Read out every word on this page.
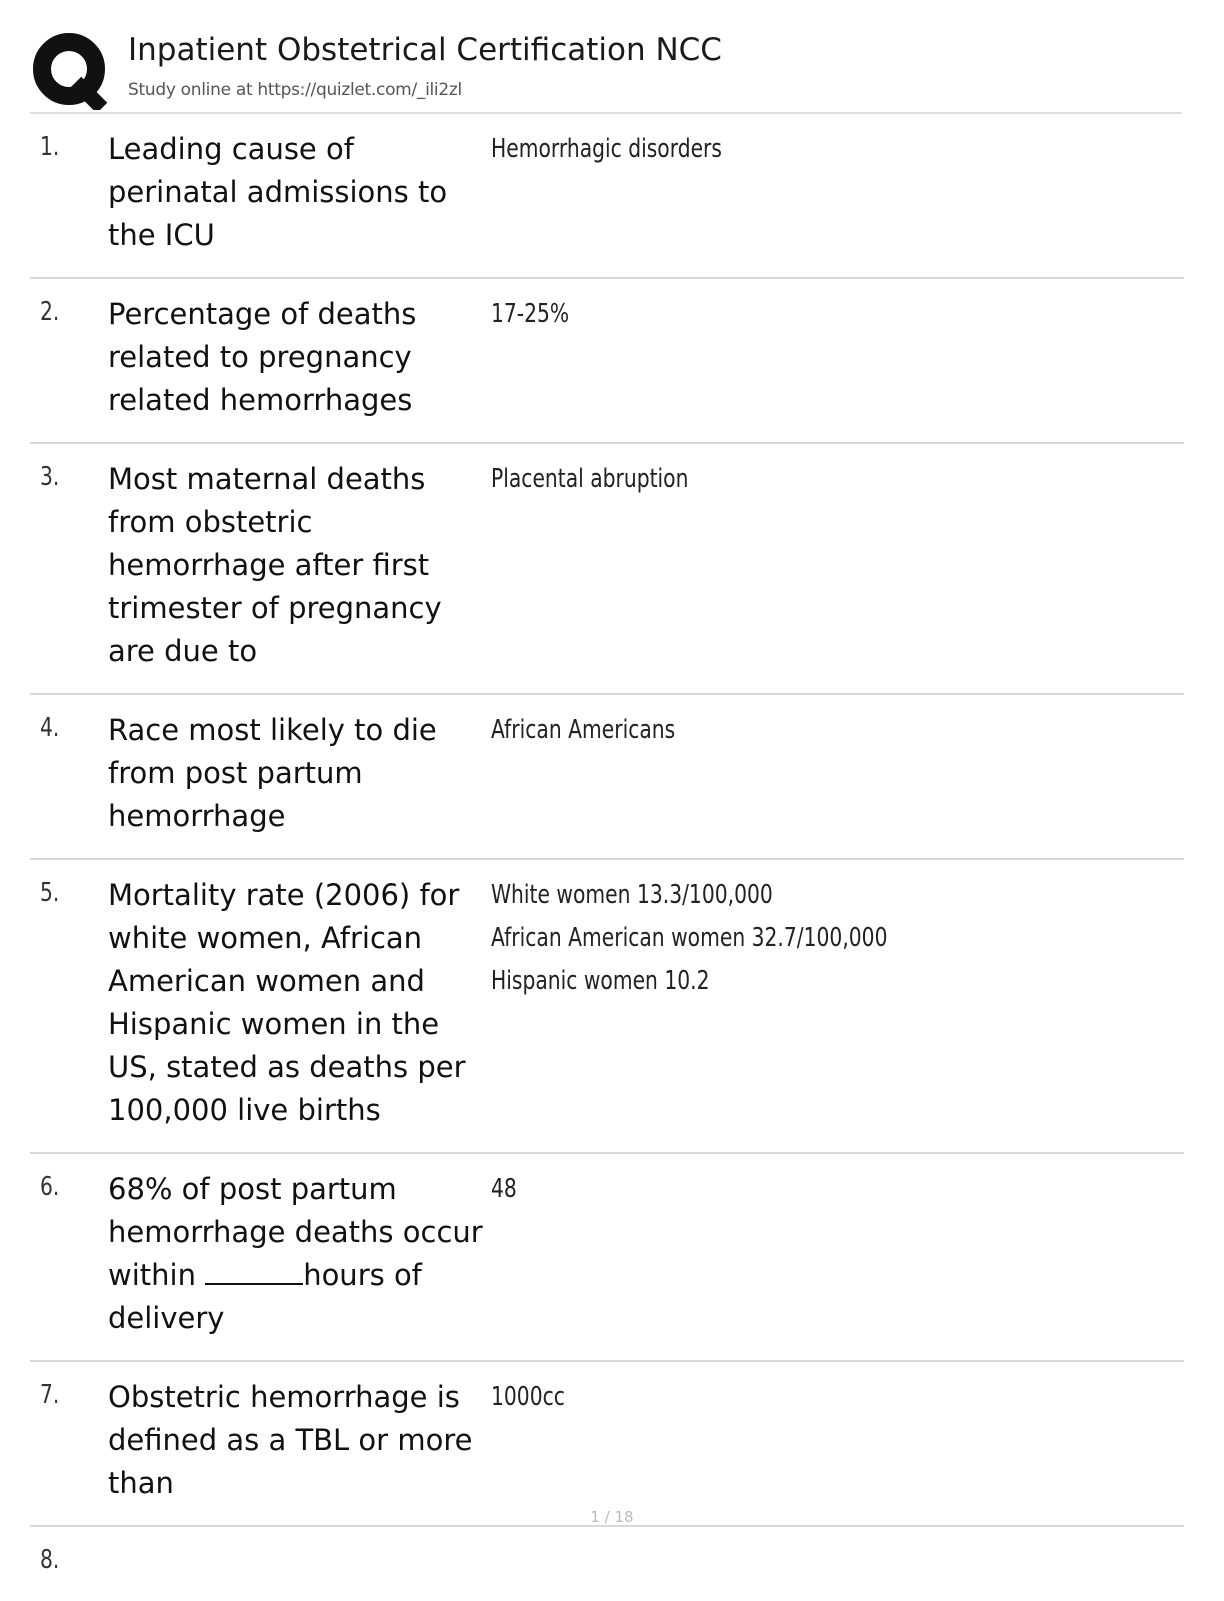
Inpatient Obstetrical Certification NCC
Study online at https://quizlet.com/_ili2zl
1. Leading cause of perinatal admissions to the ICU
Hemorrhagic disorders
2. Percentage of deaths related to pregnancy related hemorrhages
17-25%
3. Most maternal deaths from obstetric hemorrhage after first trimester of pregnancy are due to
Placental abruption
4. Race most likely to die from post partum hemorrhage
African Americans
5. Mortality rate (2006) for white women, African American women and Hispanic women in the US, stated as deaths per 100,000 live births
White women 13.3/100,000
African American women 32.7/100,000
Hispanic women 10.2
6. 68% of post partum hemorrhage deaths occur within	hours of delivery
48
7. Obstetric hemorrhage is defined as a TBL or more than
1000cc
8.
1 / 18
